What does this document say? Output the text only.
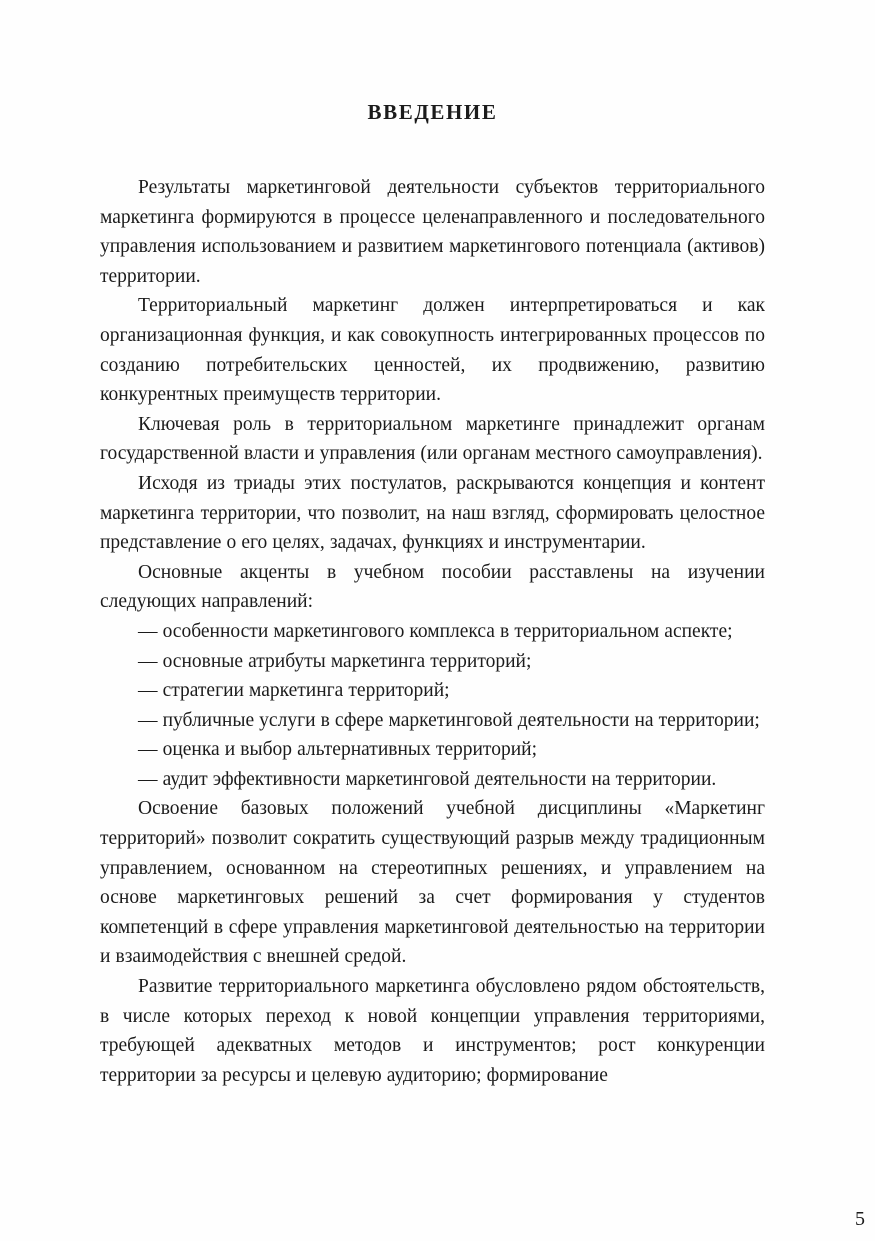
ВВЕДЕНИЕ

Результаты маркетинговой деятельности субъектов территориального маркетинга формируются в процессе целенаправленного и последовательного управления использованием и развитием маркетингового потенциала (активов) территории.

Территориальный маркетинг должен интерпретироваться и как организационная функция, и как совокупность интегрированных процессов по созданию потребительских ценностей, их продвижению, развитию конкурентных преимуществ территории.

Ключевая роль в территориальном маркетинге принадлежит органам государственной власти и управления (или органам местного самоуправления).

Исходя из триады этих постулатов, раскрываются концепция и контент маркетинга территории, что позволит, на наш взгляд, сформировать целостное представление о его целях, задачах, функциях и инструментарии.

Основные акценты в учебном пособии расставлены на изучении следующих направлений:

— особенности маркетингового комплекса в территориальном аспекте;

— основные атрибуты маркетинга территорий;

— стратегии маркетинга территорий;

— публичные услуги в сфере маркетинговой деятельности на территории;

— оценка и выбор альтернативных территорий;

— аудит эффективности маркетинговой деятельности на территории.

Освоение базовых положений учебной дисциплины «Маркетинг территорий» позволит сократить существующий разрыв между традиционным управлением, основанном на стереотипных решениях, и управлением на основе маркетинговых решений за счет формирования у студентов компетенций в сфере управления маркетинговой деятельностью на территории и взаимодействия с внешней средой.

Развитие территориального маркетинга обусловлено рядом обстоятельств, в числе которых переход к новой концепции управления территориями, требующей адекватных методов и инструментов; рост конкуренции территории за ресурсы и целевую аудиторию; формирование

5
